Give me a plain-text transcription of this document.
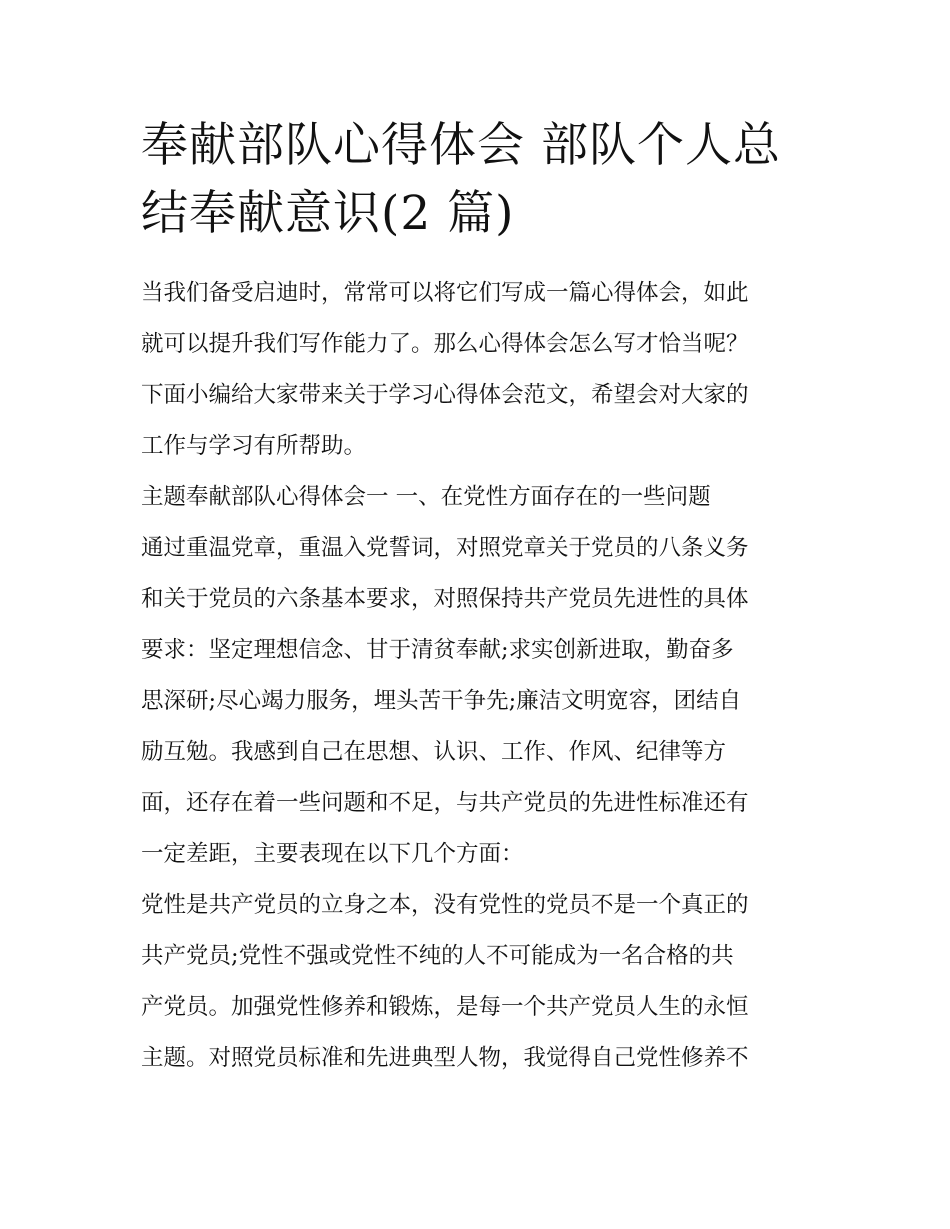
奉献部队心得体会 部队个人总
结奉献意识(2 篇)
当我们备受启迪时，常常可以将它们写成一篇心得体会，如此
就可以提升我们写作能力了。那么心得体会怎么写才恰当呢？
下面小编给大家带来关于学习心得体会范文，希望会对大家的
工作与学习有所帮助。
主题奉献部队心得体会一 一、在党性方面存在的一些问题
通过重温党章，重温入党誓词，对照党章关于党员的八条义务
和关于党员的六条基本要求，对照保持共产党员先进性的具体
要求：坚定理想信念、甘于清贫奉献;求实创新进取，勤奋多
思深研;尽心竭力服务，埋头苦干争先;廉洁文明宽容，团结自
励互勉。我感到自己在思想、认识、工作、作风、纪律等方
面，还存在着一些问题和不足，与共产党员的先进性标准还有
一定差距，主要表现在以下几个方面：
党性是共产党员的立身之本，没有党性的党员不是一个真正的
共产党员;党性不强或党性不纯的人不可能成为一名合格的共
产党员。加强党性修养和锻炼，是每一个共产党员人生的永恒
主题。对照党员标准和先进典型人物，我觉得自己党性修养不
